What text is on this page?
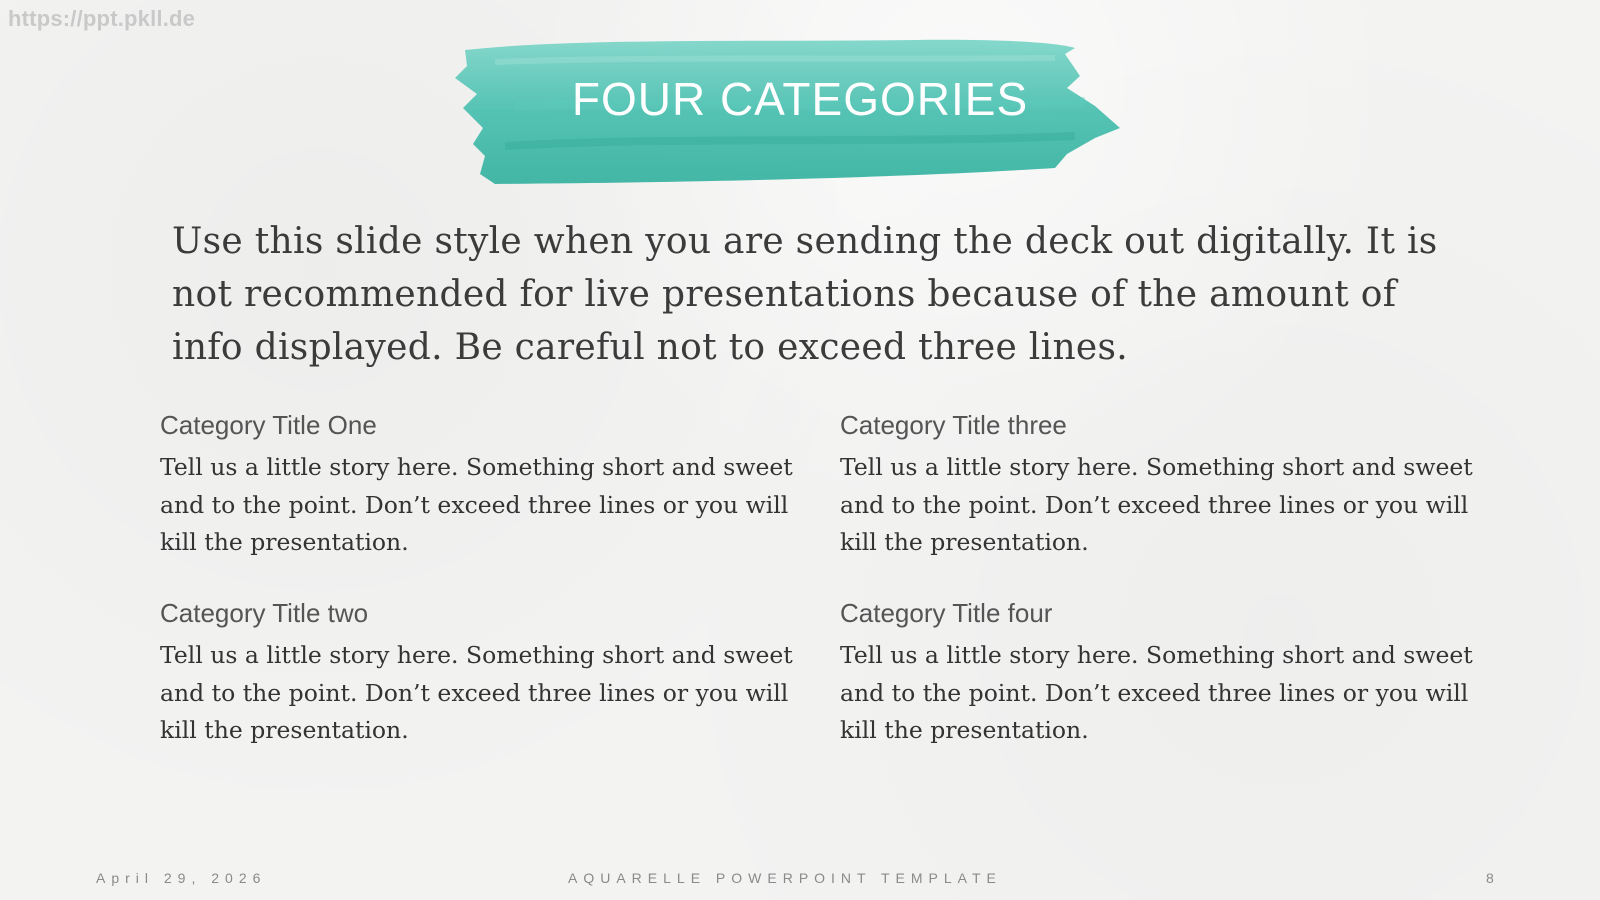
https://ppt.pkll.de
FOUR CATEGORIES
Use this slide style when you are sending the deck out digitally. It is not recommended for live presentations because of the amount of info displayed. Be careful not to exceed three lines.

Category Title One

Tell us a little story here. Something short and sweet and to the point. Don’t exceed three lines or you will kill the presentation.

Category Title two

Tell us a little story here. Something short and sweet and to the point. Don’t exceed three lines or you will kill the presentation.

Category Title three

Tell us a little story here. Something short and sweet and to the point. Don’t exceed three lines or you will kill the presentation.

Category Title four

Tell us a little story here. Something short and sweet and to the point. Don’t exceed three lines or you will kill the presentation.

April 29, 2026	AQUARELLE POWERPOINT TEMPLATE	8
